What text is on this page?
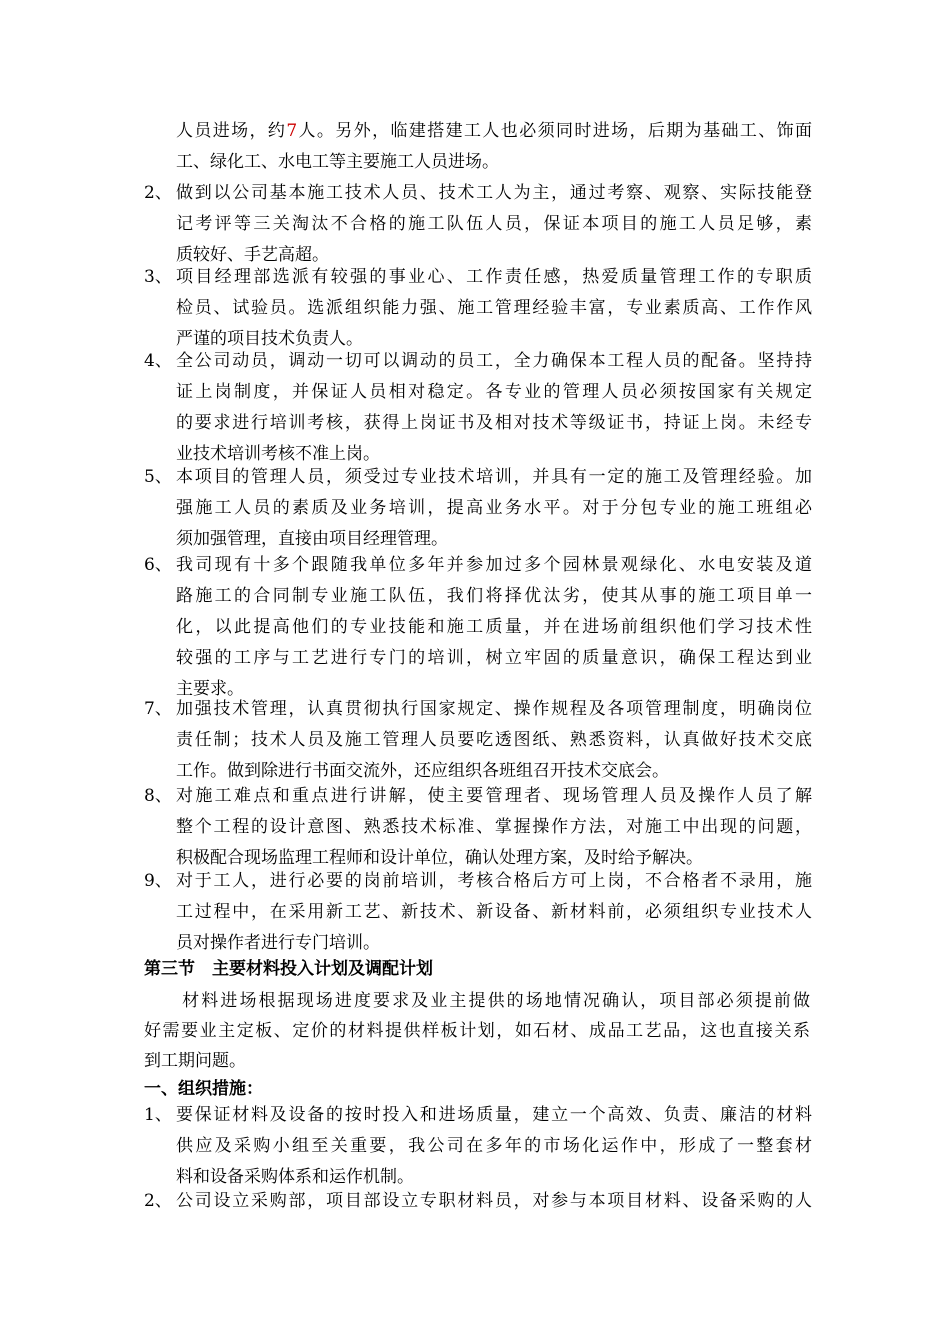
人员进场，约7人。另外，临建搭建工人也必须同时进场，后期为基础工、饰面
工、绿化工、水电工等主要施工人员进场。
2、 做到以公司基本施工技术人员、技术工人为主，通过考察、观察、实际技能登
记考评等三关淘汰不合格的施工队伍人员，保证本项目的施工人员足够，素
质较好、手艺高超。
3、 项目经理部选派有较强的事业心、工作责任感，热爱质量管理工作的专职质
检员、试验员。选派组织能力强、施工管理经验丰富，专业素质高、工作作风
严谨的项目技术负责人。
4、 全公司动员，调动一切可以调动的员工，全力确保本工程人员的配备。坚持持
证上岗制度，并保证人员相对稳定。各专业的管理人员必须按国家有关规定
的要求进行培训考核，获得上岗证书及相对技术等级证书，持证上岗。未经专
业技术培训考核不准上岗。
5、 本项目的管理人员，须受过专业技术培训，并具有一定的施工及管理经验。加
强施工人员的素质及业务培训，提高业务水平。对于分包专业的施工班组必
须加强管理，直接由项目经理管理。
6、 我司现有十多个跟随我单位多年并参加过多个园林景观绿化、水电安装及道
路施工的合同制专业施工队伍，我们将择优汰劣，使其从事的施工项目单一
化，以此提高他们的专业技能和施工质量，并在进场前组织他们学习技术性
较强的工序与工艺进行专门的培训，树立牢固的质量意识，确保工程达到业
主要求。
7、 加强技术管理，认真贯彻执行国家规定、操作规程及各项管理制度，明确岗位
责任制；技术人员及施工管理人员要吃透图纸、熟悉资料，认真做好技术交底
工作。做到除进行书面交流外，还应组织各班组召开技术交底会。
8、 对施工难点和重点进行讲解，使主要管理者、现场管理人员及操作人员了解
整个工程的设计意图、熟悉技术标准、掌握操作方法，对施工中出现的问题，
积极配合现场监理工程师和设计单位，确认处理方案，及时给予解决。
9、 对于工人，进行必要的岗前培训，考核合格后方可上岗，不合格者不录用，施
工过程中，在采用新工艺、新技术、新设备、新材料前，必须组织专业技术人
员对操作者进行专门培训。
第三节　主要材料投入计划及调配计划
　　材料进场根据现场进度要求及业主提供的场地情况确认，项目部必须提前做
好需要业主定板、定价的材料提供样板计划，如石材、成品工艺品，这也直接关系
到工期问题。
一、组织措施：
1、 要保证材料及设备的按时投入和进场质量，建立一个高效、负责、廉洁的材料
供应及采购小组至关重要，我公司在多年的市场化运作中，形成了一整套材
料和设备采购体系和运作机制。
2、 公司设立采购部，项目部设立专职材料员，对参与本项目材料、设备采购的人
